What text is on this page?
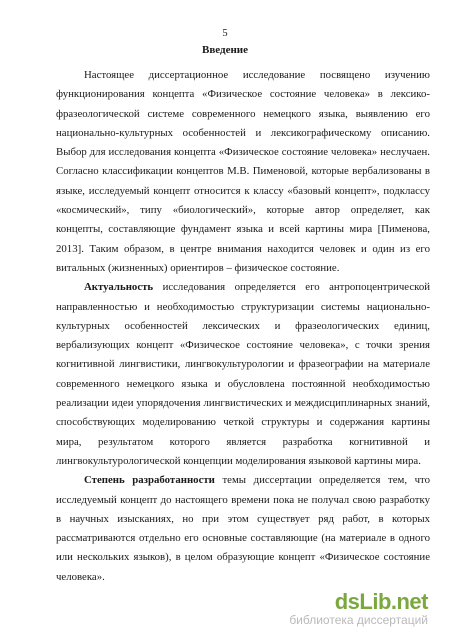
5
Введение

Настоящее диссертационное исследование посвящено изучению функционирования концепта «Физическое состояние человека» в лексико-фразеологической системе современного немецкого языка, выявлению его национально-культурных особенностей и лексикографическому описанию. Выбор для исследования концепта «Физическое состояние человека» неслучаен. Согласно классификации концептов М.В. Пименовой, которые вербализованы в языке, исследуемый концепт относится к классу «базовый концепт», подклассу «космический», типу «биологический», которые автор определяет, как концепты, составляющие фундамент языка и всей картины мира [Пименова, 2013]. Таким образом, в центре внимания находится человек и один из его витальных (жизненных) ориентиров – физическое состояние.

Актуальность исследования определяется его антропоцентрической направленностью и необходимостью структуризации системы национально-культурных особенностей лексических и фразеологических единиц, вербализующих концепт «Физическое состояние человека», с точки зрения когнитивной лингвистики, лингвокультурологии и фразеографии на материале современного немецкого языка и обусловлена постоянной необходимостью реализации идеи упорядочения лингвистических и междисциплинарных знаний, способствующих моделированию четкой структуры и содержания картины мира, результатом которого является разработка когнитивной и лингвокультурологической концепции моделирования языковой картины мира.

Степень разработанности темы диссертации определяется тем, что исследуемый концепт до настоящего времени пока не получал свою разработку в научных изысканиях, но при этом существует ряд работ, в которых рассматриваются отдельно его основные составляющие (на материале в одного или нескольких языков), в целом образующие концепт «Физическое состояние человека».

dsLib.net
библиотека диссертаций
